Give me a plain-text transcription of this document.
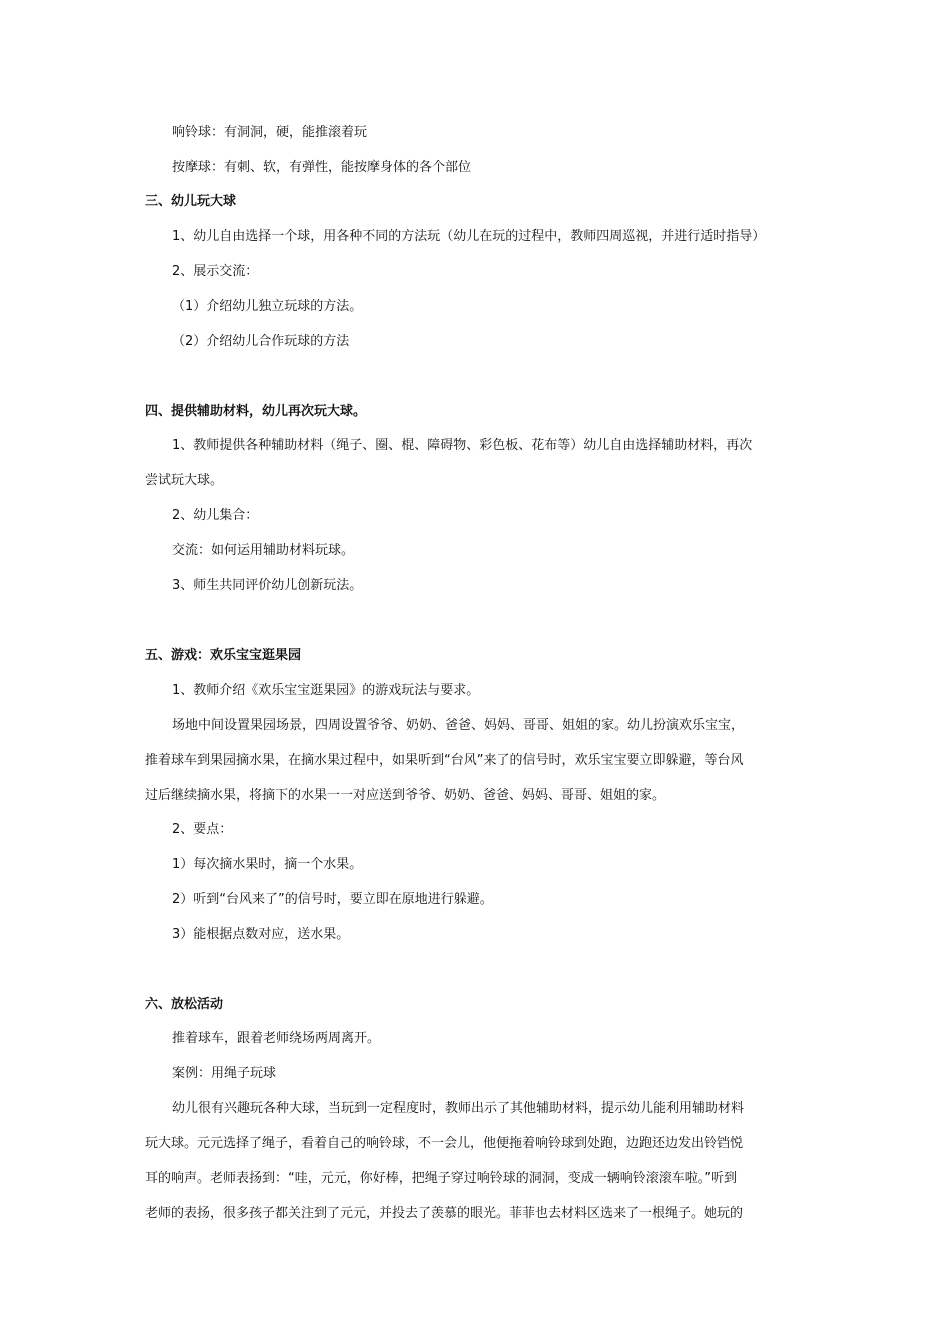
响铃球：有洞洞，硬，能推滚着玩
按摩球：有刺、软，有弹性，能按摩身体的各个部位
三、幼儿玩大球
1、幼儿自由选择一个球，用各种不同的方法玩（幼儿在玩的过程中，教师四周巡视，并进行适时指导）
2、展示交流：
（1）介绍幼儿独立玩球的方法。
（2）介绍幼儿合作玩球的方法
四、提供辅助材料，幼儿再次玩大球。
1、教师提供各种辅助材料（绳子、圈、棍、障碍物、彩色板、花布等）幼儿自由选择辅助材料，再次
尝试玩大球。
2、幼儿集合：
交流：如何运用辅助材料玩球。
3、师生共同评价幼儿创新玩法。
五、游戏：欢乐宝宝逛果园
1、教师介绍《欢乐宝宝逛果园》的游戏玩法与要求。
场地中间设置果园场景，四周设置爷爷、奶奶、爸爸、妈妈、哥哥、姐姐的家。幼儿扮演欢乐宝宝，
推着球车到果园摘水果，在摘水果过程中，如果听到“台风”来了的信号时，欢乐宝宝要立即躲避，等台风
过后继续摘水果，将摘下的水果一一对应送到爷爷、奶奶、爸爸、妈妈、哥哥、姐姐的家。
2、要点：
1）每次摘水果时，摘一个水果。
2）听到“台风来了”的信号时，要立即在原地进行躲避。
3）能根据点数对应，送水果。
六、放松活动
推着球车，跟着老师绕场两周离开。
案例：用绳子玩球
幼儿很有兴趣玩各种大球，当玩到一定程度时，教师出示了其他辅助材料，提示幼儿能利用辅助材料
玩大球。元元选择了绳子，看着自己的响铃球，不一会儿，他便拖着响铃球到处跑，边跑还边发出铃铛悦
耳的响声。老师表扬到：“哇，元元，你好棒，把绳子穿过响铃球的洞洞，变成一辆响铃滚滚车啦。”听到
老师的表扬，很多孩子都关注到了元元，并投去了羡慕的眼光。菲菲也去材料区选来了一根绳子。她玩的
